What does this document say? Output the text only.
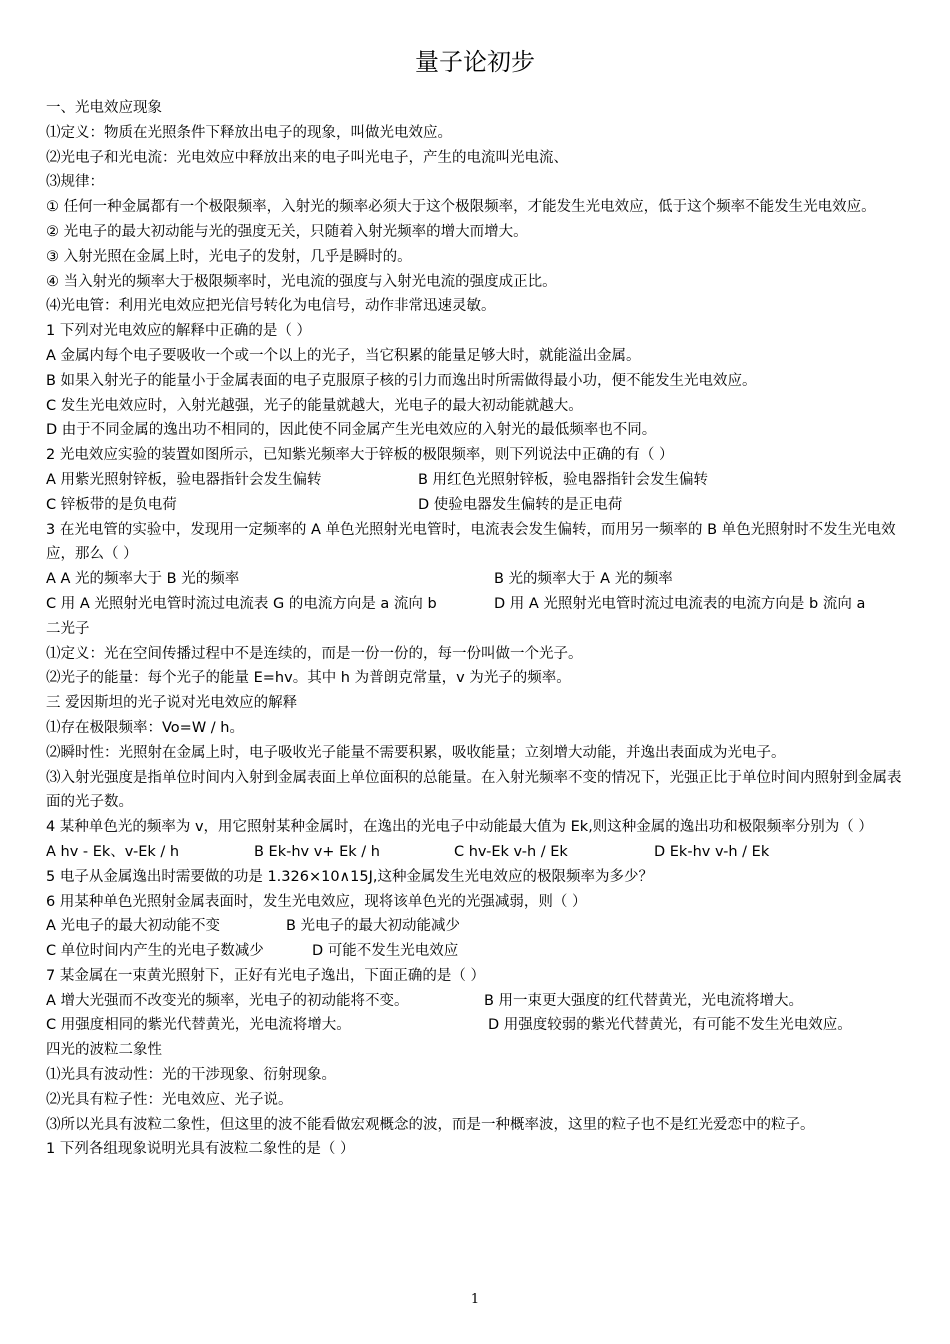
量子论初步
一、光电效应现象
⑴定义：物质在光照条件下释放出电子的现象，叫做光电效应。
⑵光电子和光电流：光电效应中释放出来的电子叫光电子，产生的电流叫光电流、
⑶规律：
① 任何一种金属都有一个极限频率，入射光的频率必须大于这个极限频率，才能发生光电效应，低于这个频率不能发生光电效应。
② 光电子的最大初动能与光的强度无关，只随着入射光频率的增大而增大。
③ 入射光照在金属上时，光电子的发射，几乎是瞬时的。
④ 当入射光的频率大于极限频率时，光电流的强度与入射光电流的强度成正比。
⑷光电管：利用光电效应把光信号转化为电信号，动作非常迅速灵敏。
1 下列对光电效应的解释中正确的是（ ）
A 金属内每个电子要吸收一个或一个以上的光子，当它积累的能量足够大时，就能溢出金属。
B 如果入射光子的能量小于金属表面的电子克服原子核的引力而逸出时所需做得最小功，便不能发生光电效应。
C 发生光电效应时，入射光越强，光子的能量就越大，光电子的最大初动能就越大。
D 由于不同金属的逸出功不相同的，因此使不同金属产生光电效应的入射光的最低频率也不同。
2 光电效应实验的装置如图所示，已知紫光频率大于锌板的极限频率，则下列说法中正确的有（ ）
A 用紫光照射锌板，验电器指针会发生偏转	B 用红色光照射锌板，验电器指针会发生偏转
C 锌板带的是负电荷	D 使验电器发生偏转的是正电荷
3 在光电管的实验中，发现用一定频率的 A 单色光照射光电管时，电流表会发生偏转，而用另一频率的 B 单色光照射时不发生光电效应，那么（ ）
A A 光的频率大于 B 光的频率	B 光的频率大于 A 光的频率
C 用 A 光照射光电管时流过电流表 G 的电流方向是 a 流向 b	D 用 A 光照射光电管时流过电流表的电流方向是 b 流向 a
二光子
⑴定义：光在空间传播过程中不是连续的，而是一份一份的，每一份叫做一个光子。
⑵光子的能量：每个光子的能量 E=hv。其中 h 为普朗克常量，v 为光子的频率。
三 爱因斯坦的光子说对光电效应的解释
⑴存在极限频率：Vo=W / h。
⑵瞬时性：光照射在金属上时，电子吸收光子能量不需要积累，吸收能量；立刻增大动能，并逸出表面成为光电子。
⑶入射光强度是指单位时间内入射到金属表面上单位面积的总能量。在入射光频率不变的情况下，光强正比于单位时间内照射到金属表面的光子数。
4 某种单色光的频率为 v，用它照射某种金属时，在逸出的光电子中动能最大值为 Ek,则这种金属的逸出功和极限频率分别为（ ）
A hv - Ek、v-Ek / h	B Ek-hv v+ Ek / h	C hv-Ek v-h / Ek	D Ek-hv v-h / Ek
5 电子从金属逸出时需要做的功是 1.326×10∧15J,这种金属发生光电效应的极限频率为多少？
6 用某种单色光照射金属表面时，发生光电效应，现将该单色光的光强减弱，则（ ）
A 光电子的最大初动能不变	B 光电子的最大初动能减少
C 单位时间内产生的光电子数减少	D 可能不发生光电效应
7 某金属在一束黄光照射下，正好有光电子逸出，下面正确的是（ ）
A 增大光强而不改变光的频率，光电子的初动能将不变。	B 用一束更大强度的红代替黄光，光电流将增大。
C 用强度相同的紫光代替黄光，光电流将增大。	D 用强度较弱的紫光代替黄光，有可能不发生光电效应。
四光的波粒二象性
⑴光具有波动性：光的干涉现象、衍射现象。
⑵光具有粒子性：光电效应、光子说。
⑶所以光具有波粒二象性，但这里的波不能看做宏观概念的波，而是一种概率波，这里的粒子也不是红光爱恋中的粒子。
1 下列各组现象说明光具有波粒二象性的是（ ）
1
